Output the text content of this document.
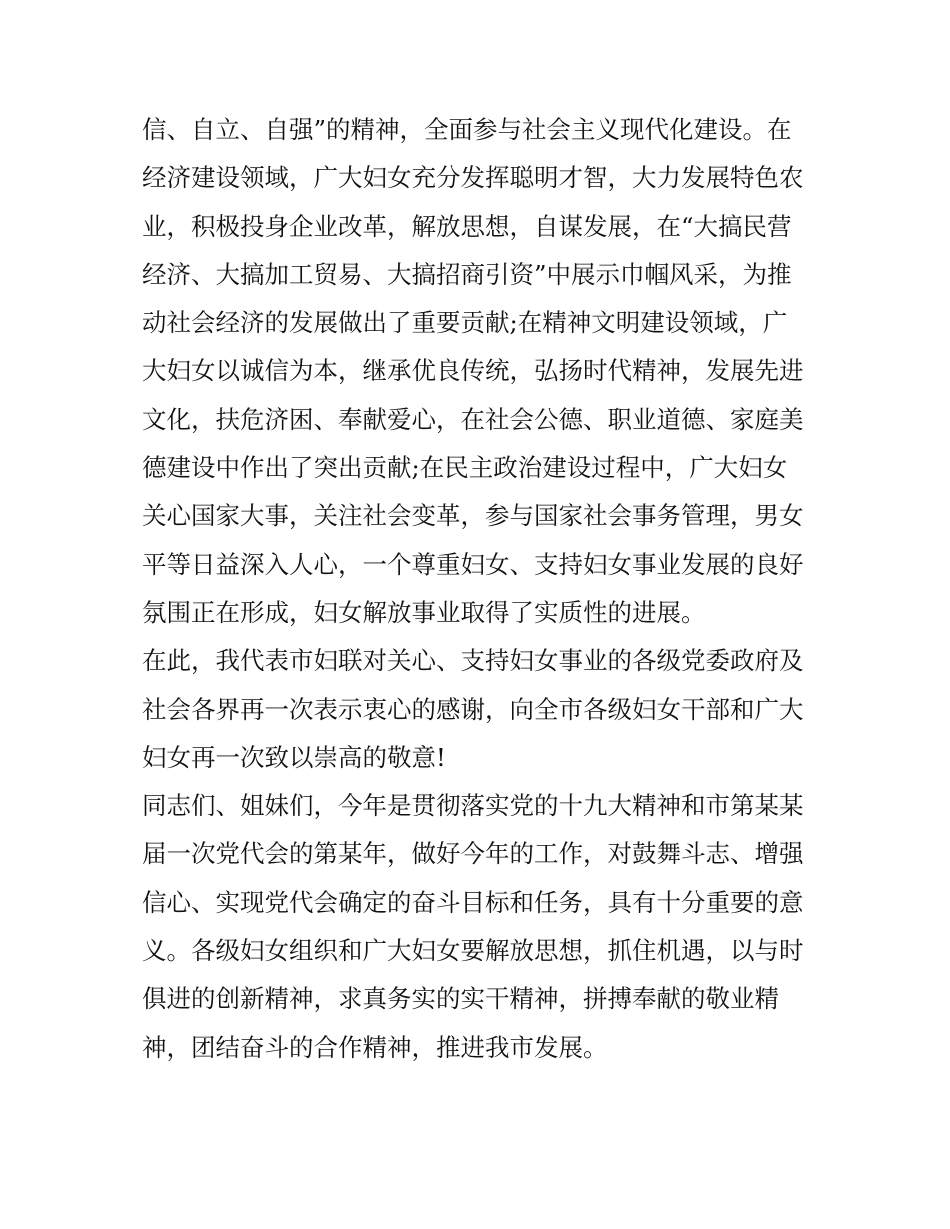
信、自立、自强”的精神，全面参与社会主义现代化建设。在
经济建设领域，广大妇女充分发挥聪明才智，大力发展特色农
业，积极投身企业改革，解放思想，自谋发展，在“大搞民营
经济、大搞加工贸易、大搞招商引资”中展示巾帼风采，为推
动社会经济的发展做出了重要贡献;在精神文明建设领域，广
大妇女以诚信为本，继承优良传统，弘扬时代精神，发展先进
文化，扶危济困、奉献爱心，在社会公德、职业道德、家庭美
德建设中作出了突出贡献;在民主政治建设过程中，广大妇女
关心国家大事，关注社会变革，参与国家社会事务管理，男女
平等日益深入人心，一个尊重妇女、支持妇女事业发展的良好
氛围正在形成，妇女解放事业取得了实质性的进展。
在此，我代表市妇联对关心、支持妇女事业的各级党委政府及
社会各界再一次表示衷心的感谢，向全市各级妇女干部和广大
妇女再一次致以崇高的敬意!
同志们、姐妹们，今年是贯彻落实党的十九大精神和市第某某
届一次党代会的第某年，做好今年的工作，对鼓舞斗志、增强
信心、实现党代会确定的奋斗目标和任务，具有十分重要的意
义。各级妇女组织和广大妇女要解放思想，抓住机遇，以与时
俱进的创新精神，求真务实的实干精神，拼搏奉献的敬业精
神，团结奋斗的合作精神，推进我市发展。
